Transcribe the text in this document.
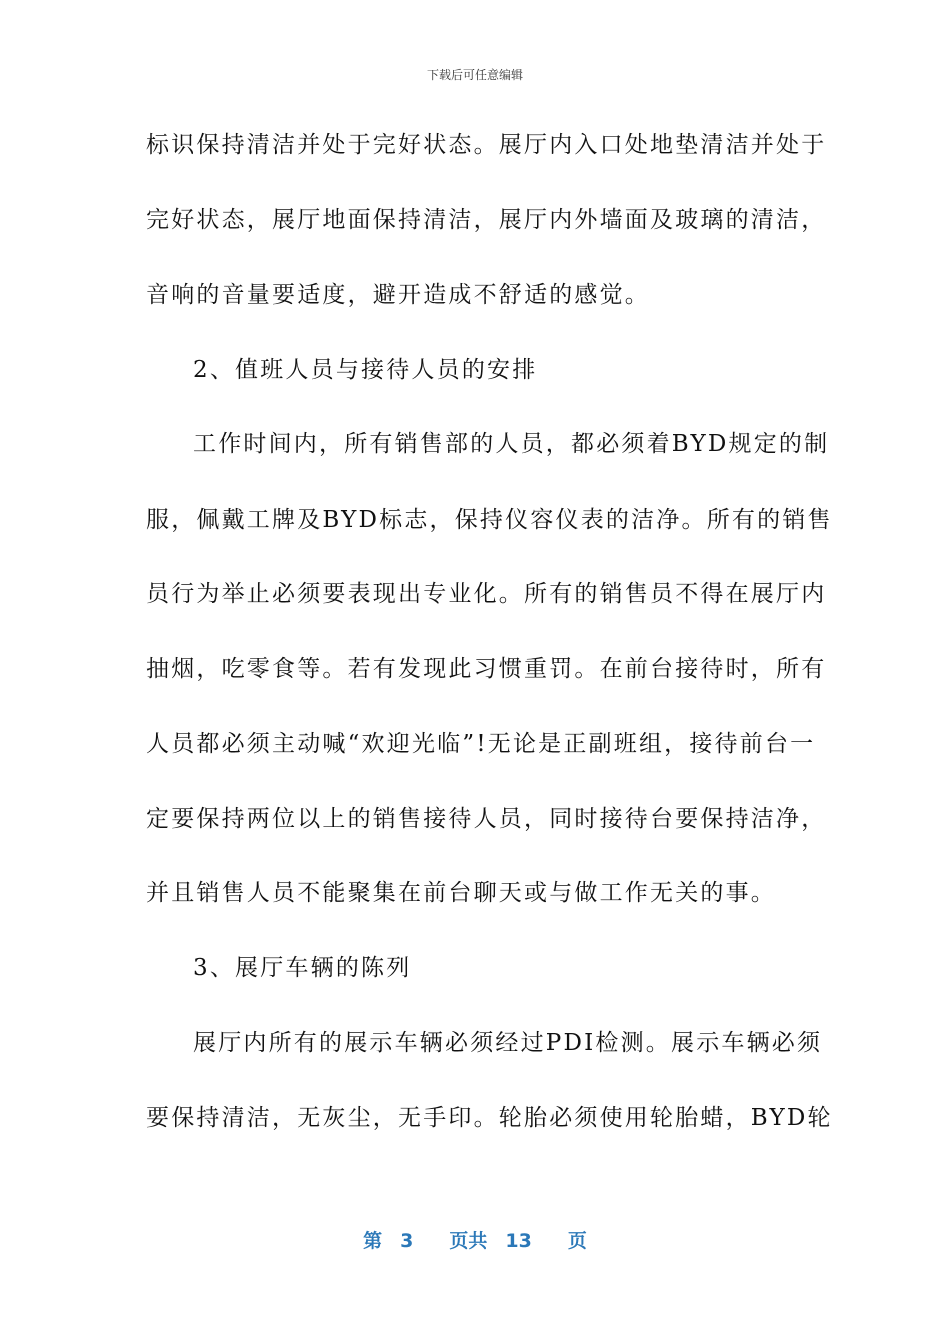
下载后可任意编辑
标识保持清洁并处于完好状态。展厅内入口处地垫清洁并处于
完好状态，展厅地面保持清洁，展厅内外墙面及玻璃的清洁，
音响的音量要适度，避开造成不舒适的感觉。
2、值班人员与接待人员的安排
工作时间内，所有销售部的人员，都必须着BYD规定的制
服，佩戴工牌及BYD标志，保持仪容仪表的洁净。所有的销售
员行为举止必须要表现出专业化。所有的销售员不得在展厅内
抽烟，吃零食等。若有发现此习惯重罚。在前台接待时，所有
人员都必须主动喊“欢迎光临”!无论是正副班组，接待前台一
定要保持两位以上的销售接待人员，同时接待台要保持洁净，
并且销售人员不能聚集在前台聊天或与做工作无关的事。
3、展厅车辆的陈列
展厅内所有的展示车辆必须经过PDI检测。展示车辆必须
要保持清洁，无灰尘，无手印。轮胎必须使用轮胎蜡，BYD轮
第 3 页共 13 页
